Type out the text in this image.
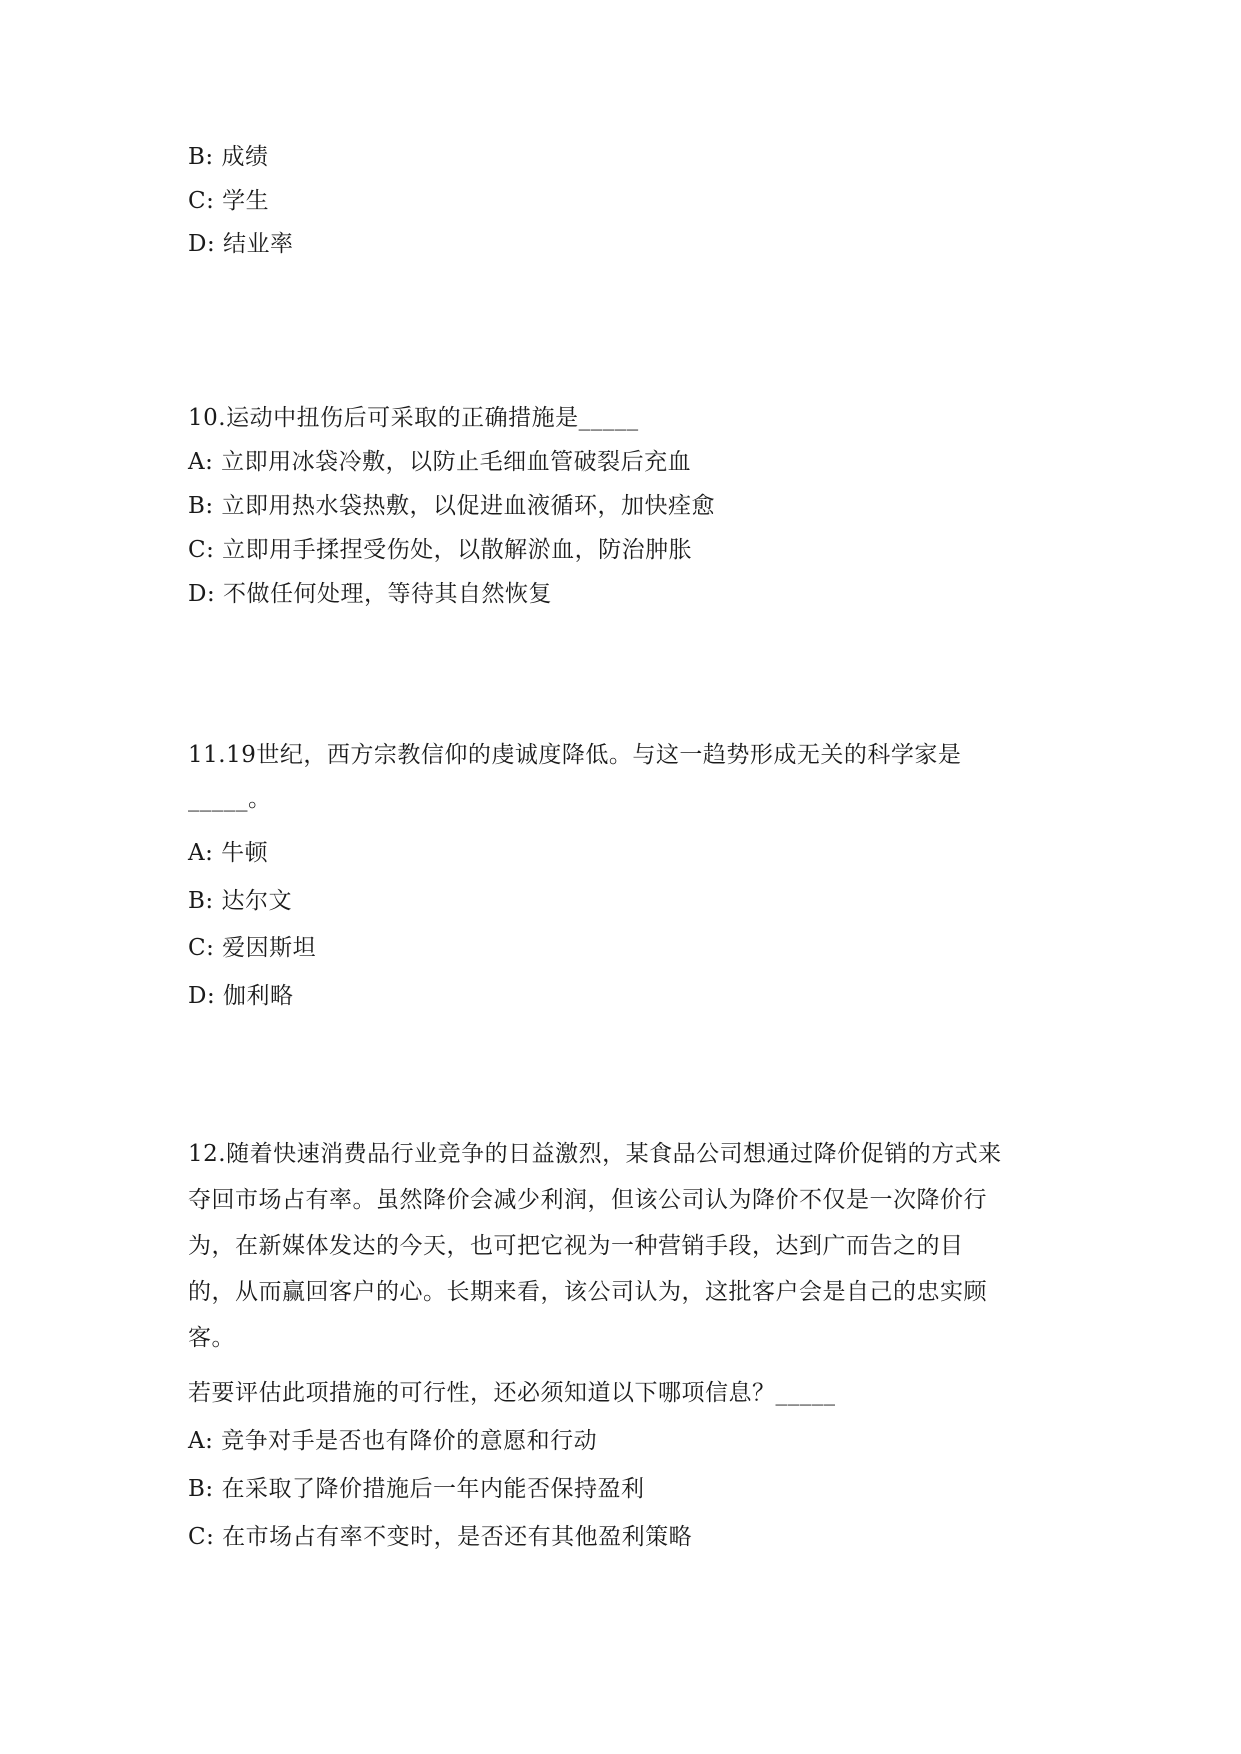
B: 成绩
C: 学生
D: 结业率
10.运动中扭伤后可采取的正确措施是_____
A: 立即用冰袋冷敷，以防止毛细血管破裂后充血
B: 立即用热水袋热敷，以促进血液循环，加快痊愈
C: 立即用手揉捏受伤处，以散解淤血，防治肿胀
D: 不做任何处理，等待其自然恢复
11.19世纪，西方宗教信仰的虔诚度降低。与这一趋势形成无关的科学家是
_____。
A: 牛顿
B: 达尔文
C: 爱因斯坦
D: 伽利略
12.随着快速消费品行业竞争的日益激烈，某食品公司想通过降价促销的方式来
夺回市场占有率。虽然降价会减少利润，但该公司认为降价不仅是一次降价行
为，在新媒体发达的今天，也可把它视为一种营销手段，达到广而告之的目
的，从而赢回客户的心。长期来看，该公司认为，这批客户会是自己的忠实顾
客。
若要评估此项措施的可行性，还必须知道以下哪项信息？_____
A: 竞争对手是否也有降价的意愿和行动
B: 在采取了降价措施后一年内能否保持盈利
C: 在市场占有率不变时，是否还有其他盈利策略
